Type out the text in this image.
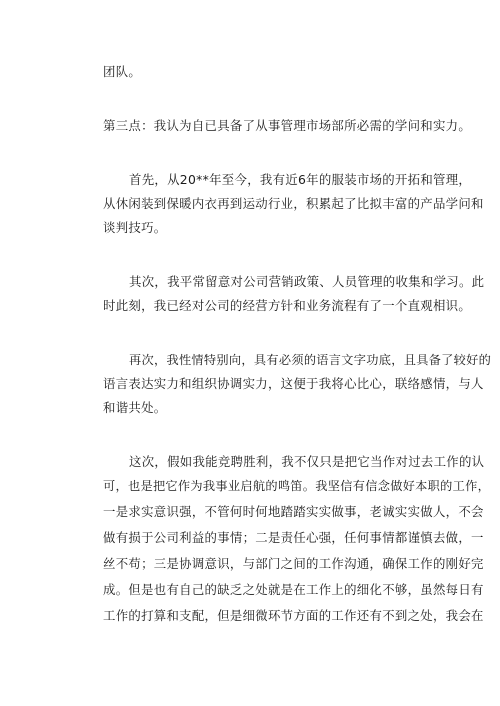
团队。
第三点：我认为自已具备了从事管理市场部所必需的学问和实力。
首先，从20**年至今，我有近6年的服装市场的开拓和管理，
从休闲装到保暖内衣再到运动行业，积累起了比拟丰富的产品学问和
谈判技巧。
其次，我平常留意对公司营销政策、人员管理的收集和学习。此
时此刻，我已经对公司的经营方针和业务流程有了一个直观相识。
再次，我性情特别向，具有必须的语言文字功底，且具备了较好的
语言表达实力和组织协调实力，这便于我将心比心，联络感情，与人
和谐共处。
这次，假如我能竞聘胜利，我不仅只是把它当作对过去工作的认
可，也是把它作为我事业启航的鸣笛。我坚信有信念做好本职的工作，
一是求实意识强，不管何时何地踏踏实实做事，老诚实实做人，不会
做有损于公司利益的事情；二是责任心强，任何事情都谨慎去做，一
丝不苟；三是协调意识，与部门之间的工作沟通，确保工作的刚好完
成。但是也有自己的缺乏之处就是在工作上的细化不够，虽然每日有
工作的打算和支配，但是细微环节方面的工作还有不到之处，我会在
